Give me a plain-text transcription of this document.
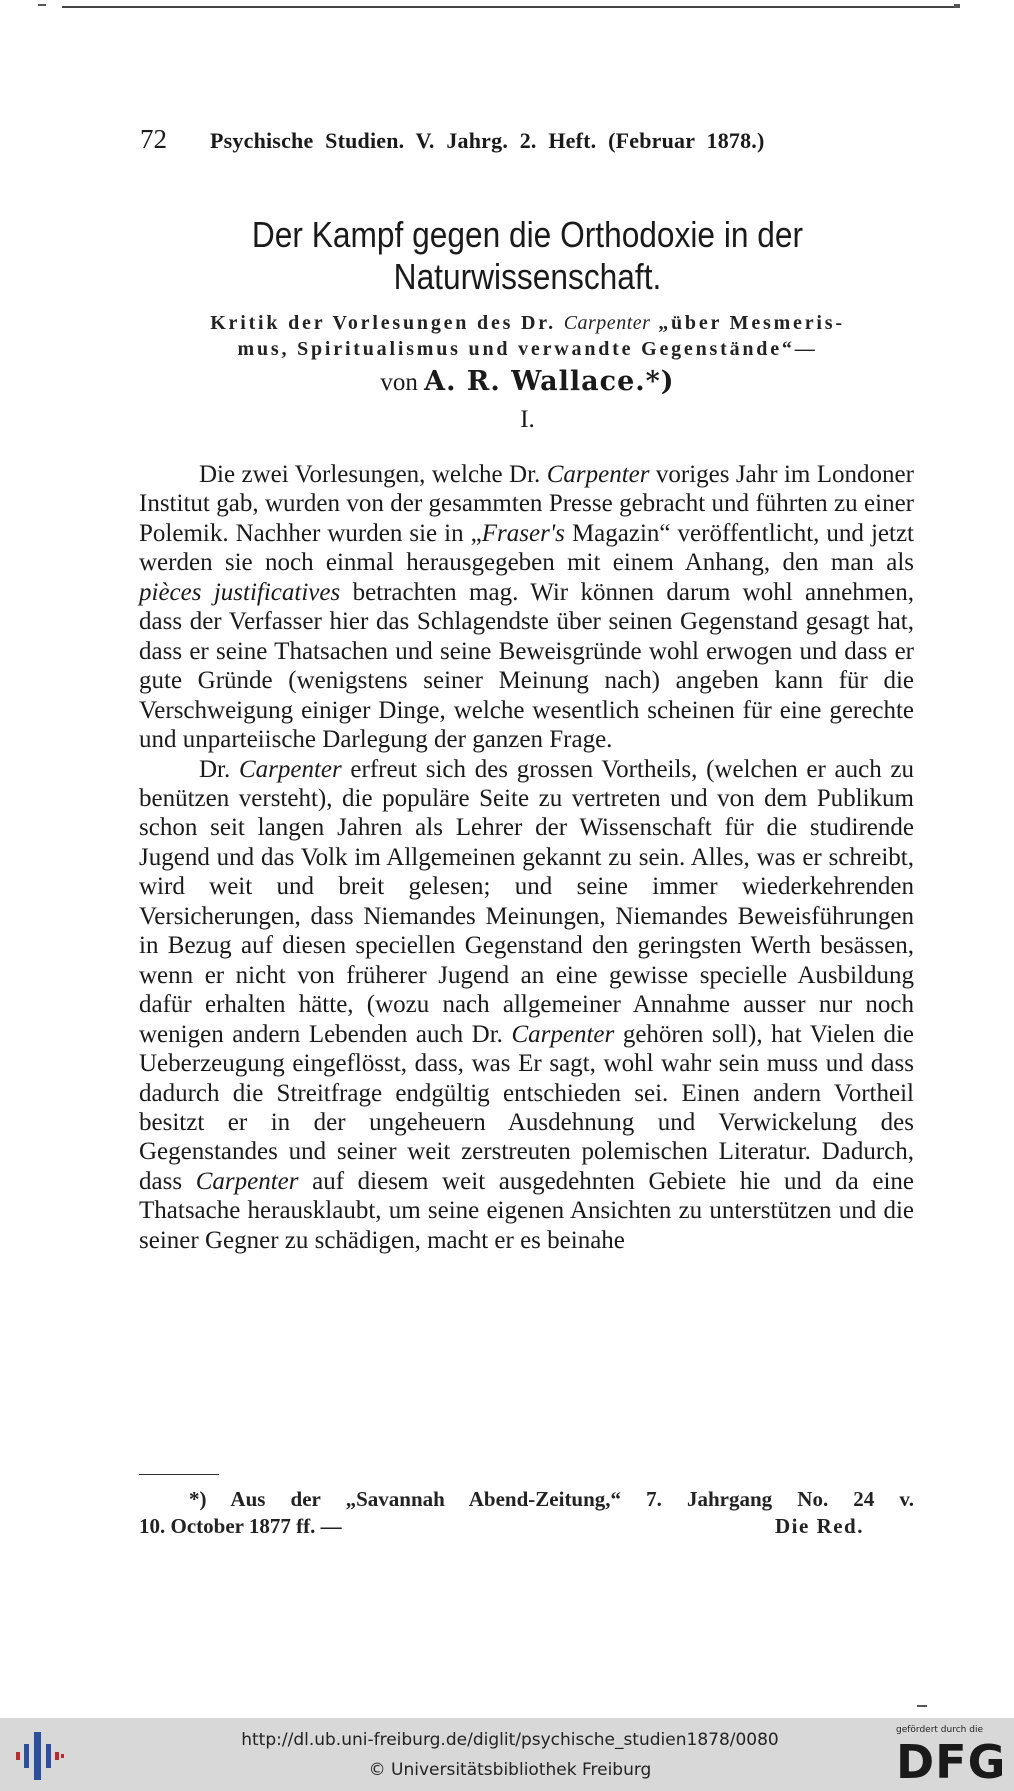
72 Psychische Studien. V. Jahrg. 2. Heft. (Februar 1878.)
Der Kampf gegen die Orthodoxie in der
Naturwissenschaft.
Kritik der Vorlesungen des Dr. Carpenter „über Mesmeris-
mus, Spiritualismus und verwandte Gegenstände“—
von A. R. Wallace.*)
I.

Die zwei Vorlesungen, welche Dr. Carpenter voriges Jahr im Londoner Institut gab, wurden von der gesammten Presse gebracht und führten zu einer Polemik. Nachher wurden sie in „Fraser's Magazin“ veröffentlicht, und jetzt werden sie noch einmal herausgegeben mit einem Anhang, den man als pièces justificatives betrachten mag. Wir können darum wohl annehmen, dass der Verfasser hier das Schlagendste über seinen Gegenstand gesagt hat, dass er seine Thatsachen und seine Beweisgründe wohl erwogen und dass er gute Gründe (wenigstens seiner Meinung nach) angeben kann für die Verschweigung einiger Dinge, welche wesentlich scheinen für eine gerechte und unparteiische Darlegung der ganzen Frage.

Dr. Carpenter erfreut sich des grossen Vortheils, (welchen er auch zu benützen versteht), die populäre Seite zu vertreten und von dem Publikum schon seit langen Jahren als Lehrer der Wissenschaft für die studirende Jugend und das Volk im Allgemeinen gekannt zu sein. Alles, was er schreibt, wird weit und breit gelesen; und seine immer wiederkehrenden Versicherungen, dass Niemandes Meinungen, Niemandes Beweisführungen in Bezug auf diesen speciellen Gegenstand den geringsten Werth besässen, wenn er nicht von früherer Jugend an eine gewisse specielle Ausbildung dafür erhalten hätte, (wozu nach allgemeiner Annahme ausser nur noch wenigen andern Lebenden auch Dr. Carpenter gehören soll), hat Vielen die Ueberzeugung eingeflösst, dass, was Er sagt, wohl wahr sein muss und dass dadurch die Streitfrage endgültig entschieden sei. Einen andern Vortheil besitzt er in der ungeheuern Ausdehnung und Verwickelung des Gegenstandes und seiner weit zerstreuten polemischen Literatur. Dadurch, dass Carpenter auf diesem weit ausgedehnten Gebiete hie und da eine Thatsache herausklaubt, um seine eigenen Ansichten zu unterstützen und die seiner Gegner zu schädigen, macht er es beinahe

*) Aus der „Savannah Abend-Zeitung,“ 7. Jahrgang No. 24 v.
10. October 1877 ff. —	Die Red.
http://dl.ub.uni-freiburg.de/diglit/psychische_studien1878/0080
© Universitätsbibliothek Freiburg
gefördert durch die
DFG
